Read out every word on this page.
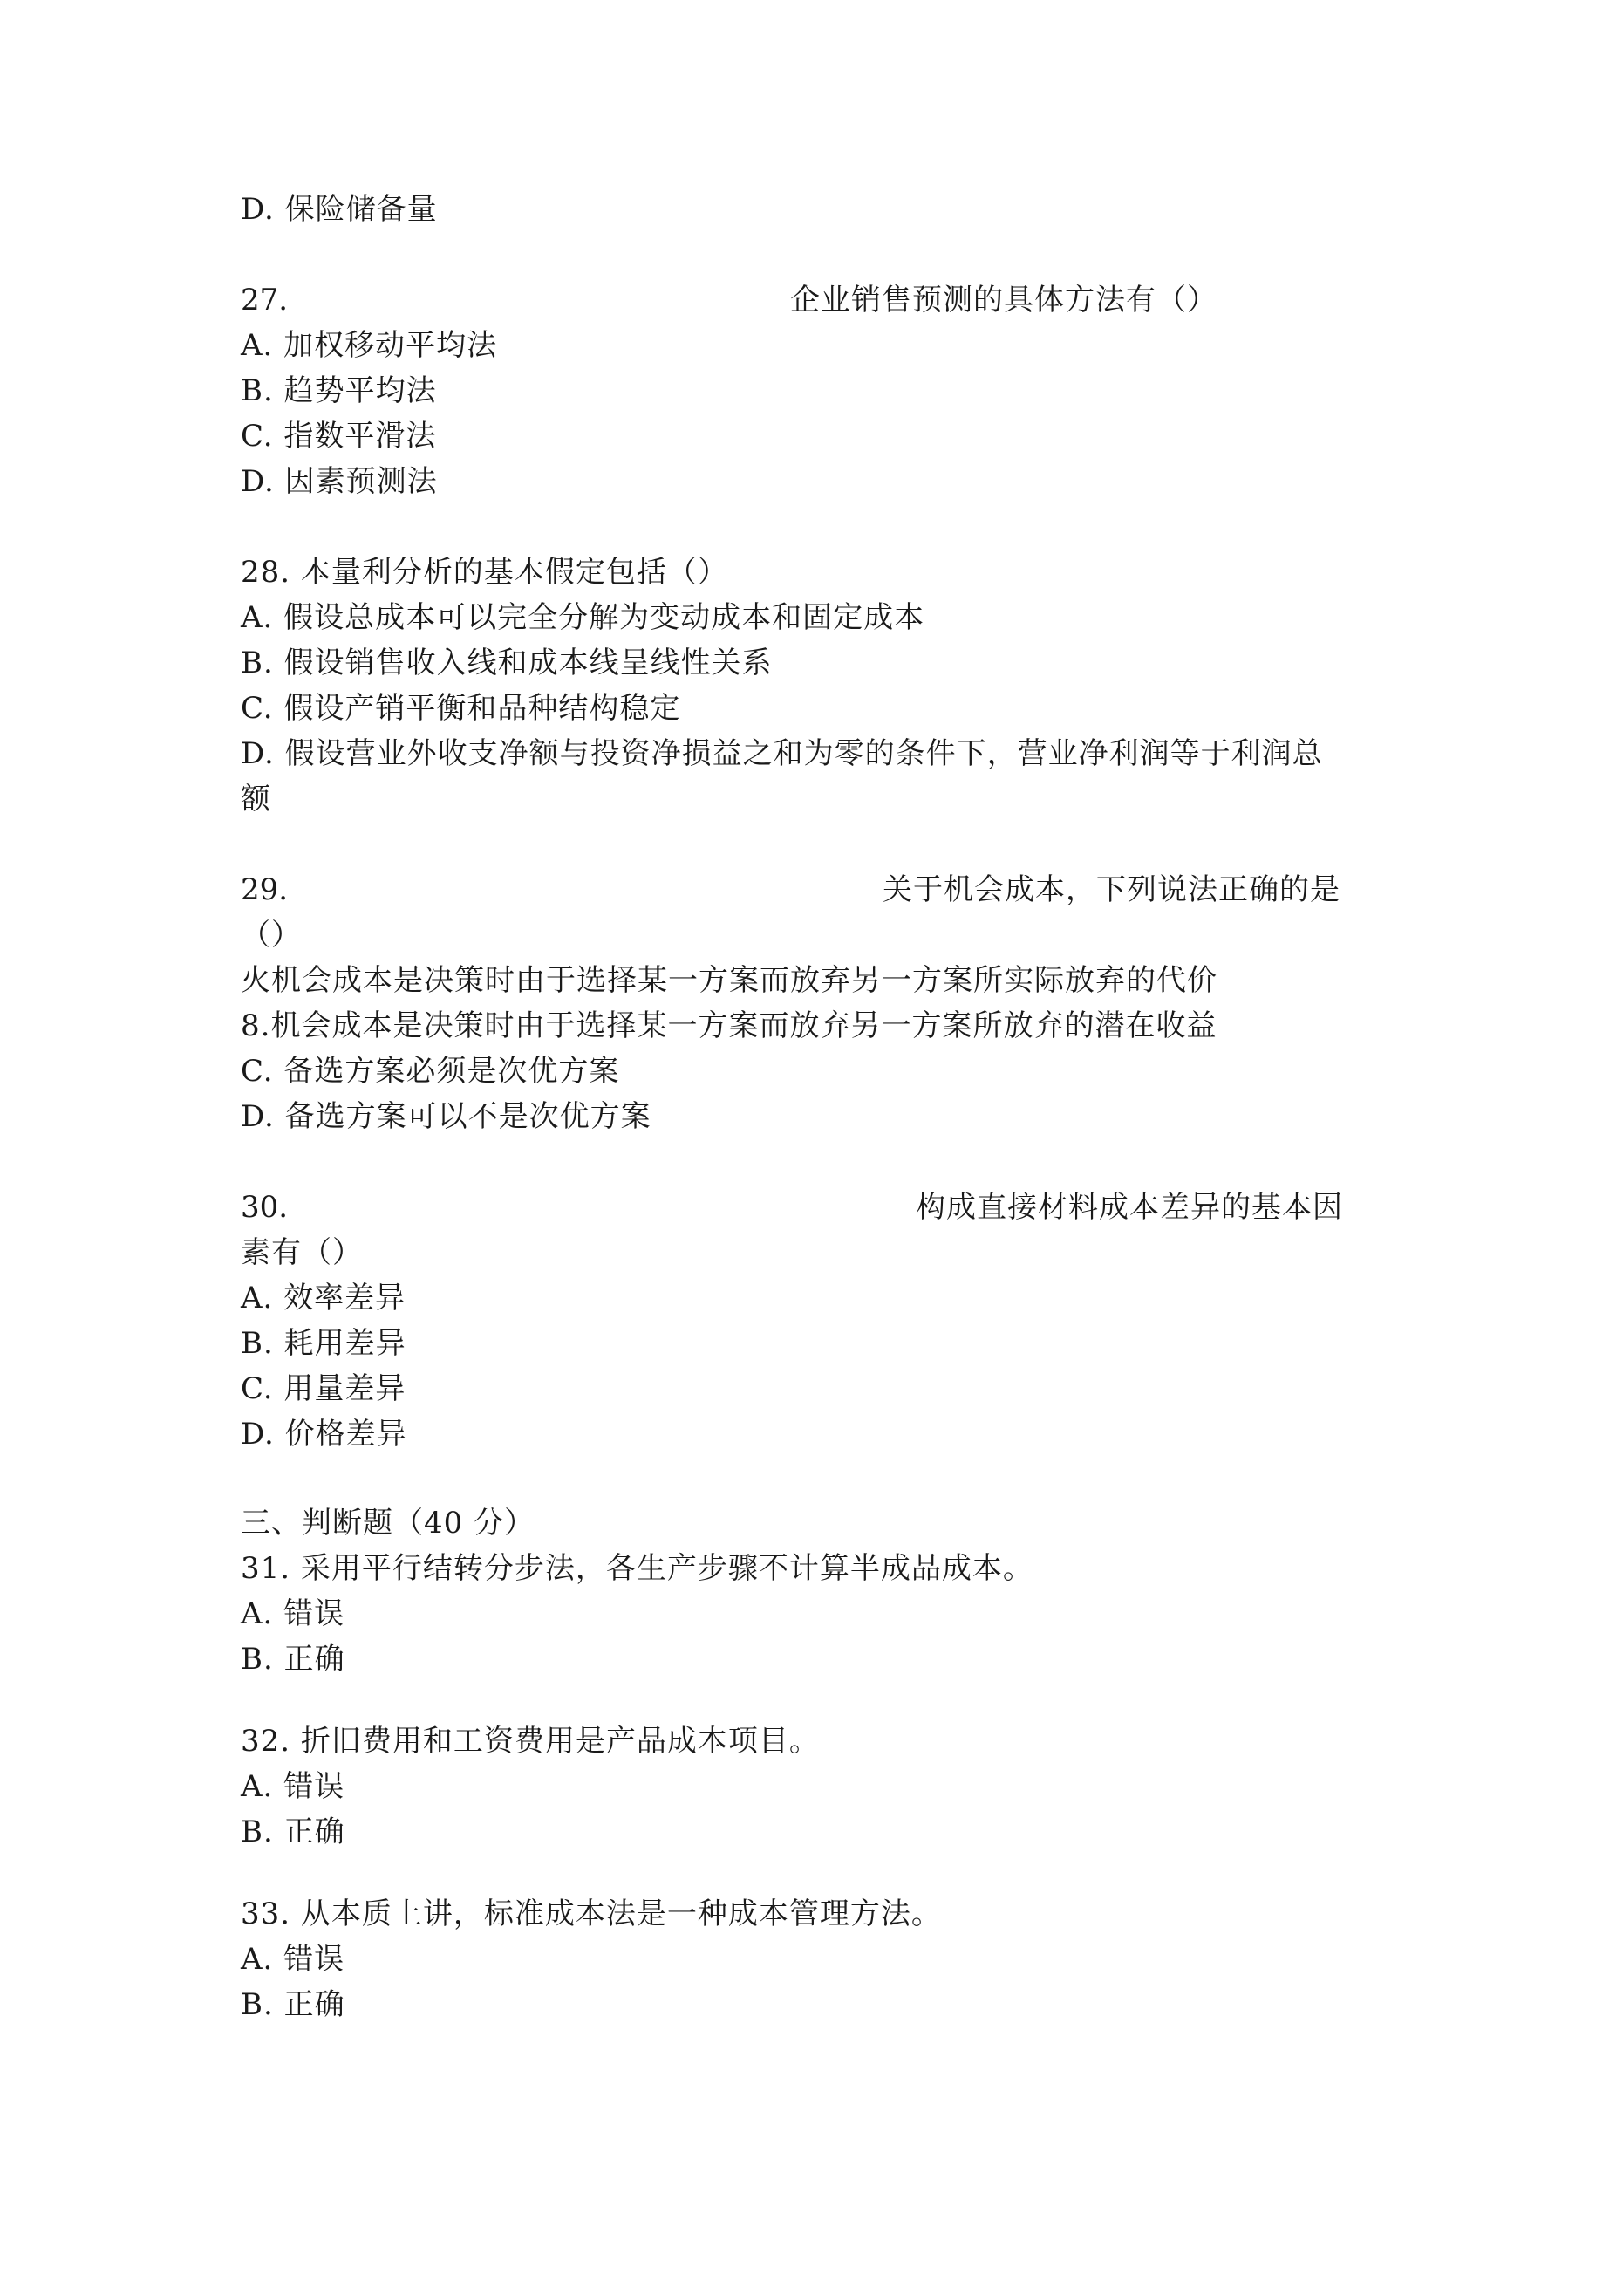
D. 保险储备量
27.	企业销售预测的具体方法有（）
A. 加权移动平均法
B. 趋势平均法
C. 指数平滑法
D. 因素预测法
28. 本量利分析的基本假定包括（）
A. 假设总成本可以完全分解为变动成本和固定成本
B. 假设销售收入线和成本线呈线性关系
C. 假设产销平衡和品种结构稳定
D. 假设营业外收支净额与投资净损益之和为零的条件下，营业净利润等于利润总
额
29.	关于机会成本，下列说法正确的是
（）
火机会成本是决策时由于选择某一方案而放弃另一方案所实际放弃的代价
8.机会成本是决策时由于选择某一方案而放弃另一方案所放弃的潜在收益
C. 备选方案必须是次优方案
D. 备选方案可以不是次优方案
30.	构成直接材料成本差异的基本因
素有（）
A. 效率差异
B. 耗用差异
C. 用量差异
D. 价格差异
三、判断题（40 分）
31. 采用平行结转分步法，各生产步骤不计算半成品成本。
A. 错误
B. 正确
32. 折旧费用和工资费用是产品成本项目。
A. 错误
B. 正确
33. 从本质上讲，标准成本法是一种成本管理方法。
A. 错误
B. 正确
